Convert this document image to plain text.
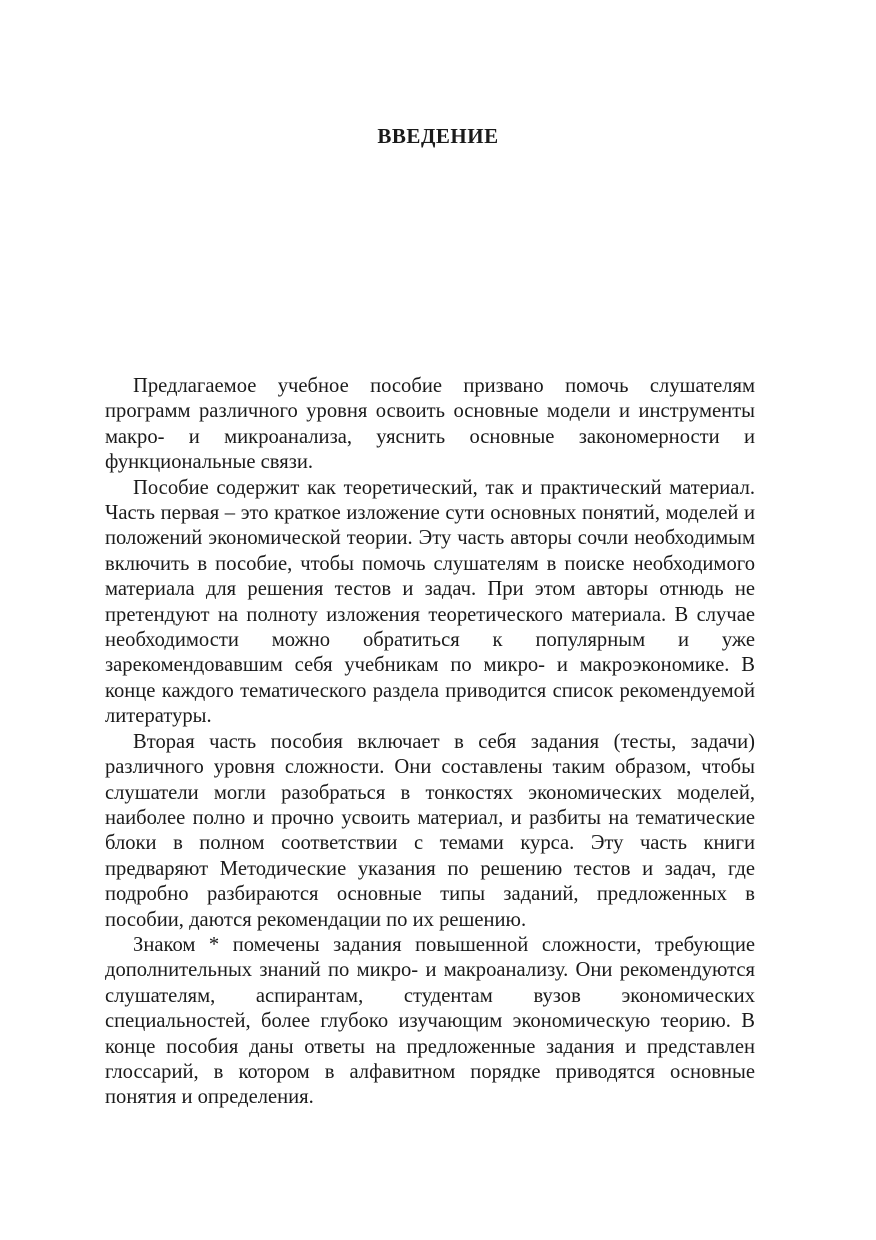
ВВЕДЕНИЕ

Предлагаемое учебное пособие призвано помочь слушателям программ различного уровня освоить основные модели и инструменты макро- и микроанализа, уяснить основные закономерности и функциональные связи.

Пособие содержит как теоретический, так и практический материал. Часть первая – это краткое изложение сути основных понятий, моделей и положений экономической теории. Эту часть авторы сочли необходимым включить в пособие, чтобы помочь слушателям в поиске необходимого материала для решения тестов и задач. При этом авторы отнюдь не претендуют на полноту изложения теоретического материала. В случае необходимости можно обратиться к популярным и уже зарекомендовавшим себя учебникам по микро- и макроэкономике. В конце каждого тематического раздела приводится список рекомендуемой литературы.

Вторая часть пособия включает в себя задания (тесты, задачи) различного уровня сложности. Они составлены таким образом, чтобы слушатели могли разобраться в тонкостях экономических моделей, наиболее полно и прочно усвоить материал, и разбиты на тематические блоки в полном соответствии с темами курса. Эту часть книги предваряют Методические указания по решению тестов и задач, где подробно разбираются основные типы заданий, предложенных в пособии, даются рекомендации по их решению.

Знаком * помечены задания повышенной сложности, требующие дополнительных знаний по микро- и макроанализу. Они рекомендуются слушателям, аспирантам, студентам вузов экономических специальностей, более глубоко изучающим экономическую теорию. В конце пособия даны ответы на предложенные задания и представлен глоссарий, в котором в алфавитном порядке приводятся основные понятия и определения.
